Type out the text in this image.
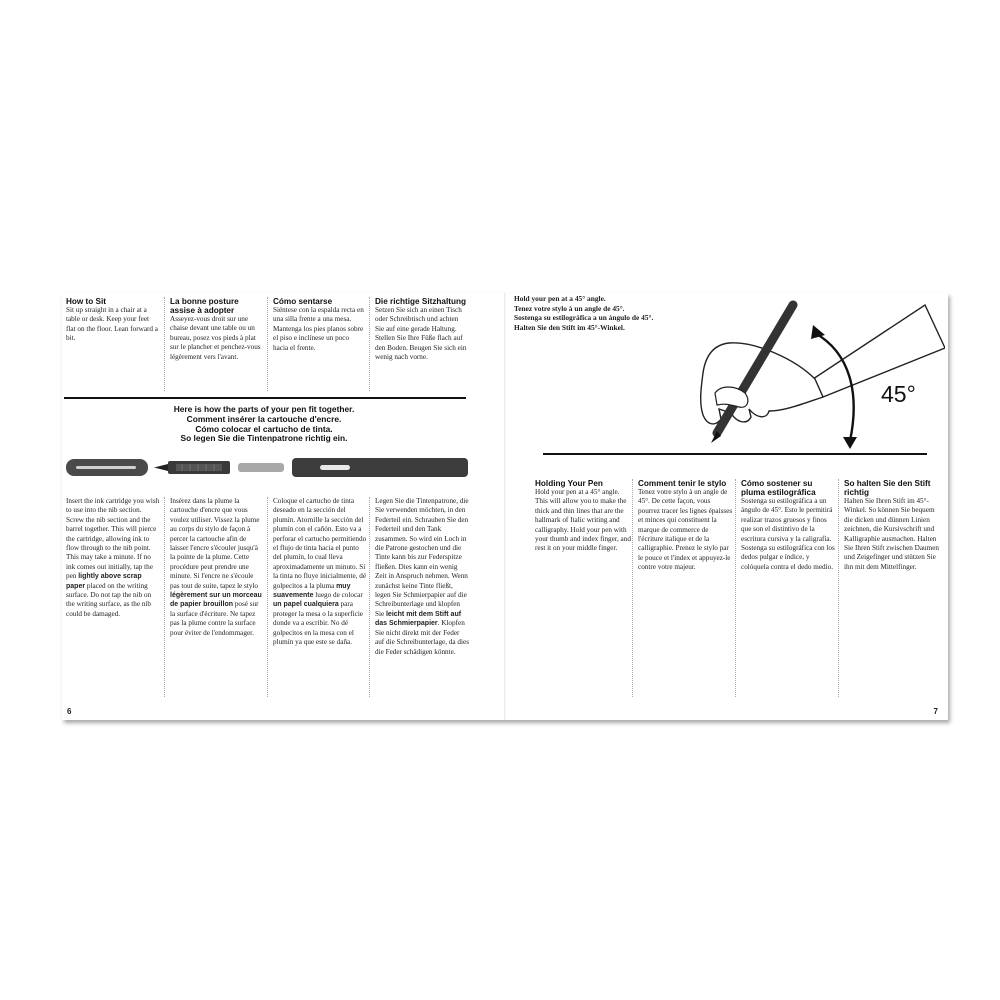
How to Sit

Sit up straight in a chair at a table or desk. Keep your feet flat on the floor. Lean forward a bit.

La bonne posture assise à adopter

Asseyez-vous droit sur une chaise devant une table ou un bureau, posez vos pieds à plat sur le plancher et penchez-vous légèrement vers l'avant.

Cómo sentarse

Siéntese con la espalda recta en una silla frente a una mesa. Mantenga los pies planos sobre el piso e inclínese un poco hacia el frente.

Die richtige Sitzhaltung

Setzen Sie sich an einen Tisch oder Schreibtisch und achten Sie auf eine gerade Haltung. Stellen Sie Ihre Füße flach auf den Boden. Beugen Sie sich ein wenig nach vorne.

Here is how the parts of your pen fit together.
Comment insérer la cartouche d'encre.
Cómo colocar el cartucho de tinta.
So legen Sie die Tintenpatrone richtig ein.

Insert the ink cartridge you wish to use into the nib section. Screw the nib section and the barrel together. This will pierce the cartridge, allowing ink to flow through to the nib point. This may take a minute. If no ink comes out initially, tap the pen lightly above scrap paper placed on the writing surface. Do not tap the nib on the writing surface, as the nib could be damaged.

Insérez dans la plume la cartouche d'encre que vous voulez utiliser. Vissez la plume au corps du stylo de façon à percer la cartouche afin de laisser l'encre s'écouler jusqu'à la pointe de la plume. Cette procédure peut prendre une minute. Si l'encre ne s'écoule pas tout de suite, tapez le stylo légèrement sur un morceau de papier brouillon posé sur la surface d'écriture. Ne tapez pas la plume contre la surface pour éviter de l'endommager.

Coloque el cartucho de tinta deseado en la sección del plumín. Atornille la sección del plumín con el cañón. Esto va a perforar el cartucho permitiendo el flujo de tinta hacia el punto del plumín, lo cual lleva aproximadamente un minuto. Si la tinta no fluye inicialmente, dé golpecitos a la pluma muy suavemente luego de colocar un papel cualquiera para proteger la mesa o la superficie donde va a escribir. No dé golpecitos en la mesa con el plumín ya que este se daña.

Legen Sie die Tintenpatrone, die Sie verwenden möchten, in den Federteil ein. Schrauben Sie den Federteil und den Tank zusammen. So wird ein Loch in die Patrone gestochen und die Tinte kann bis zur Federspitze fließen. Dies kann ein wenig Zeit in Anspruch nehmen. Wenn zunächst keine Tinte fließt, legen Sie Schmierpapier auf die Schreibunterlage und klopfen Sie leicht mit dem Stift auf das Schmierpapier. Klopfen Sie nicht direkt mit der Feder auf die Schreibunterlage, da dies die Feder schädigen könnte.

6
Hold your pen at a 45° angle.
Tenez votre stylo à un angle de 45°.
Sostenga su estilográfica a un ángulo de 45°.
Halten Sie den Stift im 45°-Winkel.
45°
Holding Your Pen

Hold your pen at a 45° angle. This will allow you to make the thick and thin lines that are the hallmark of Italic writing and calligraphy. Hold your pen with your thumb and index finger, and rest it on your middle finger.

Comment tenir le stylo

Tenez votre stylo à un angle de 45°. De cette façon, vous pourrez tracer les lignes épaisses et minces qui constituent la marque de commerce de l'écriture italique et de la calligraphie. Prenez le stylo par le pouce et l'index et appuyez-le contre votre majeur.

Cómo sostener su pluma estilográfica

Sostenga su estilográfica a un ángulo de 45°. Esto le permitirá realizar trazos gruesos y finos que son el distintivo de la escritura cursiva y la caligrafía. Sostenga su estilográfica con los dedos pulgar e índice, y colóquela contra el dedo medio.

So halten Sie den Stift richtig

Halten Sie Ihren Stift im 45°-Winkel. So können Sie bequem die dicken und dünnen Linien zeichnen, die Kursivschrift und Kalligraphie ausmachen. Halten Sie Ihren Stift zwischen Daumen und Zeigefinger und stützen Sie ihn mit dem Mittelfinger.

7
